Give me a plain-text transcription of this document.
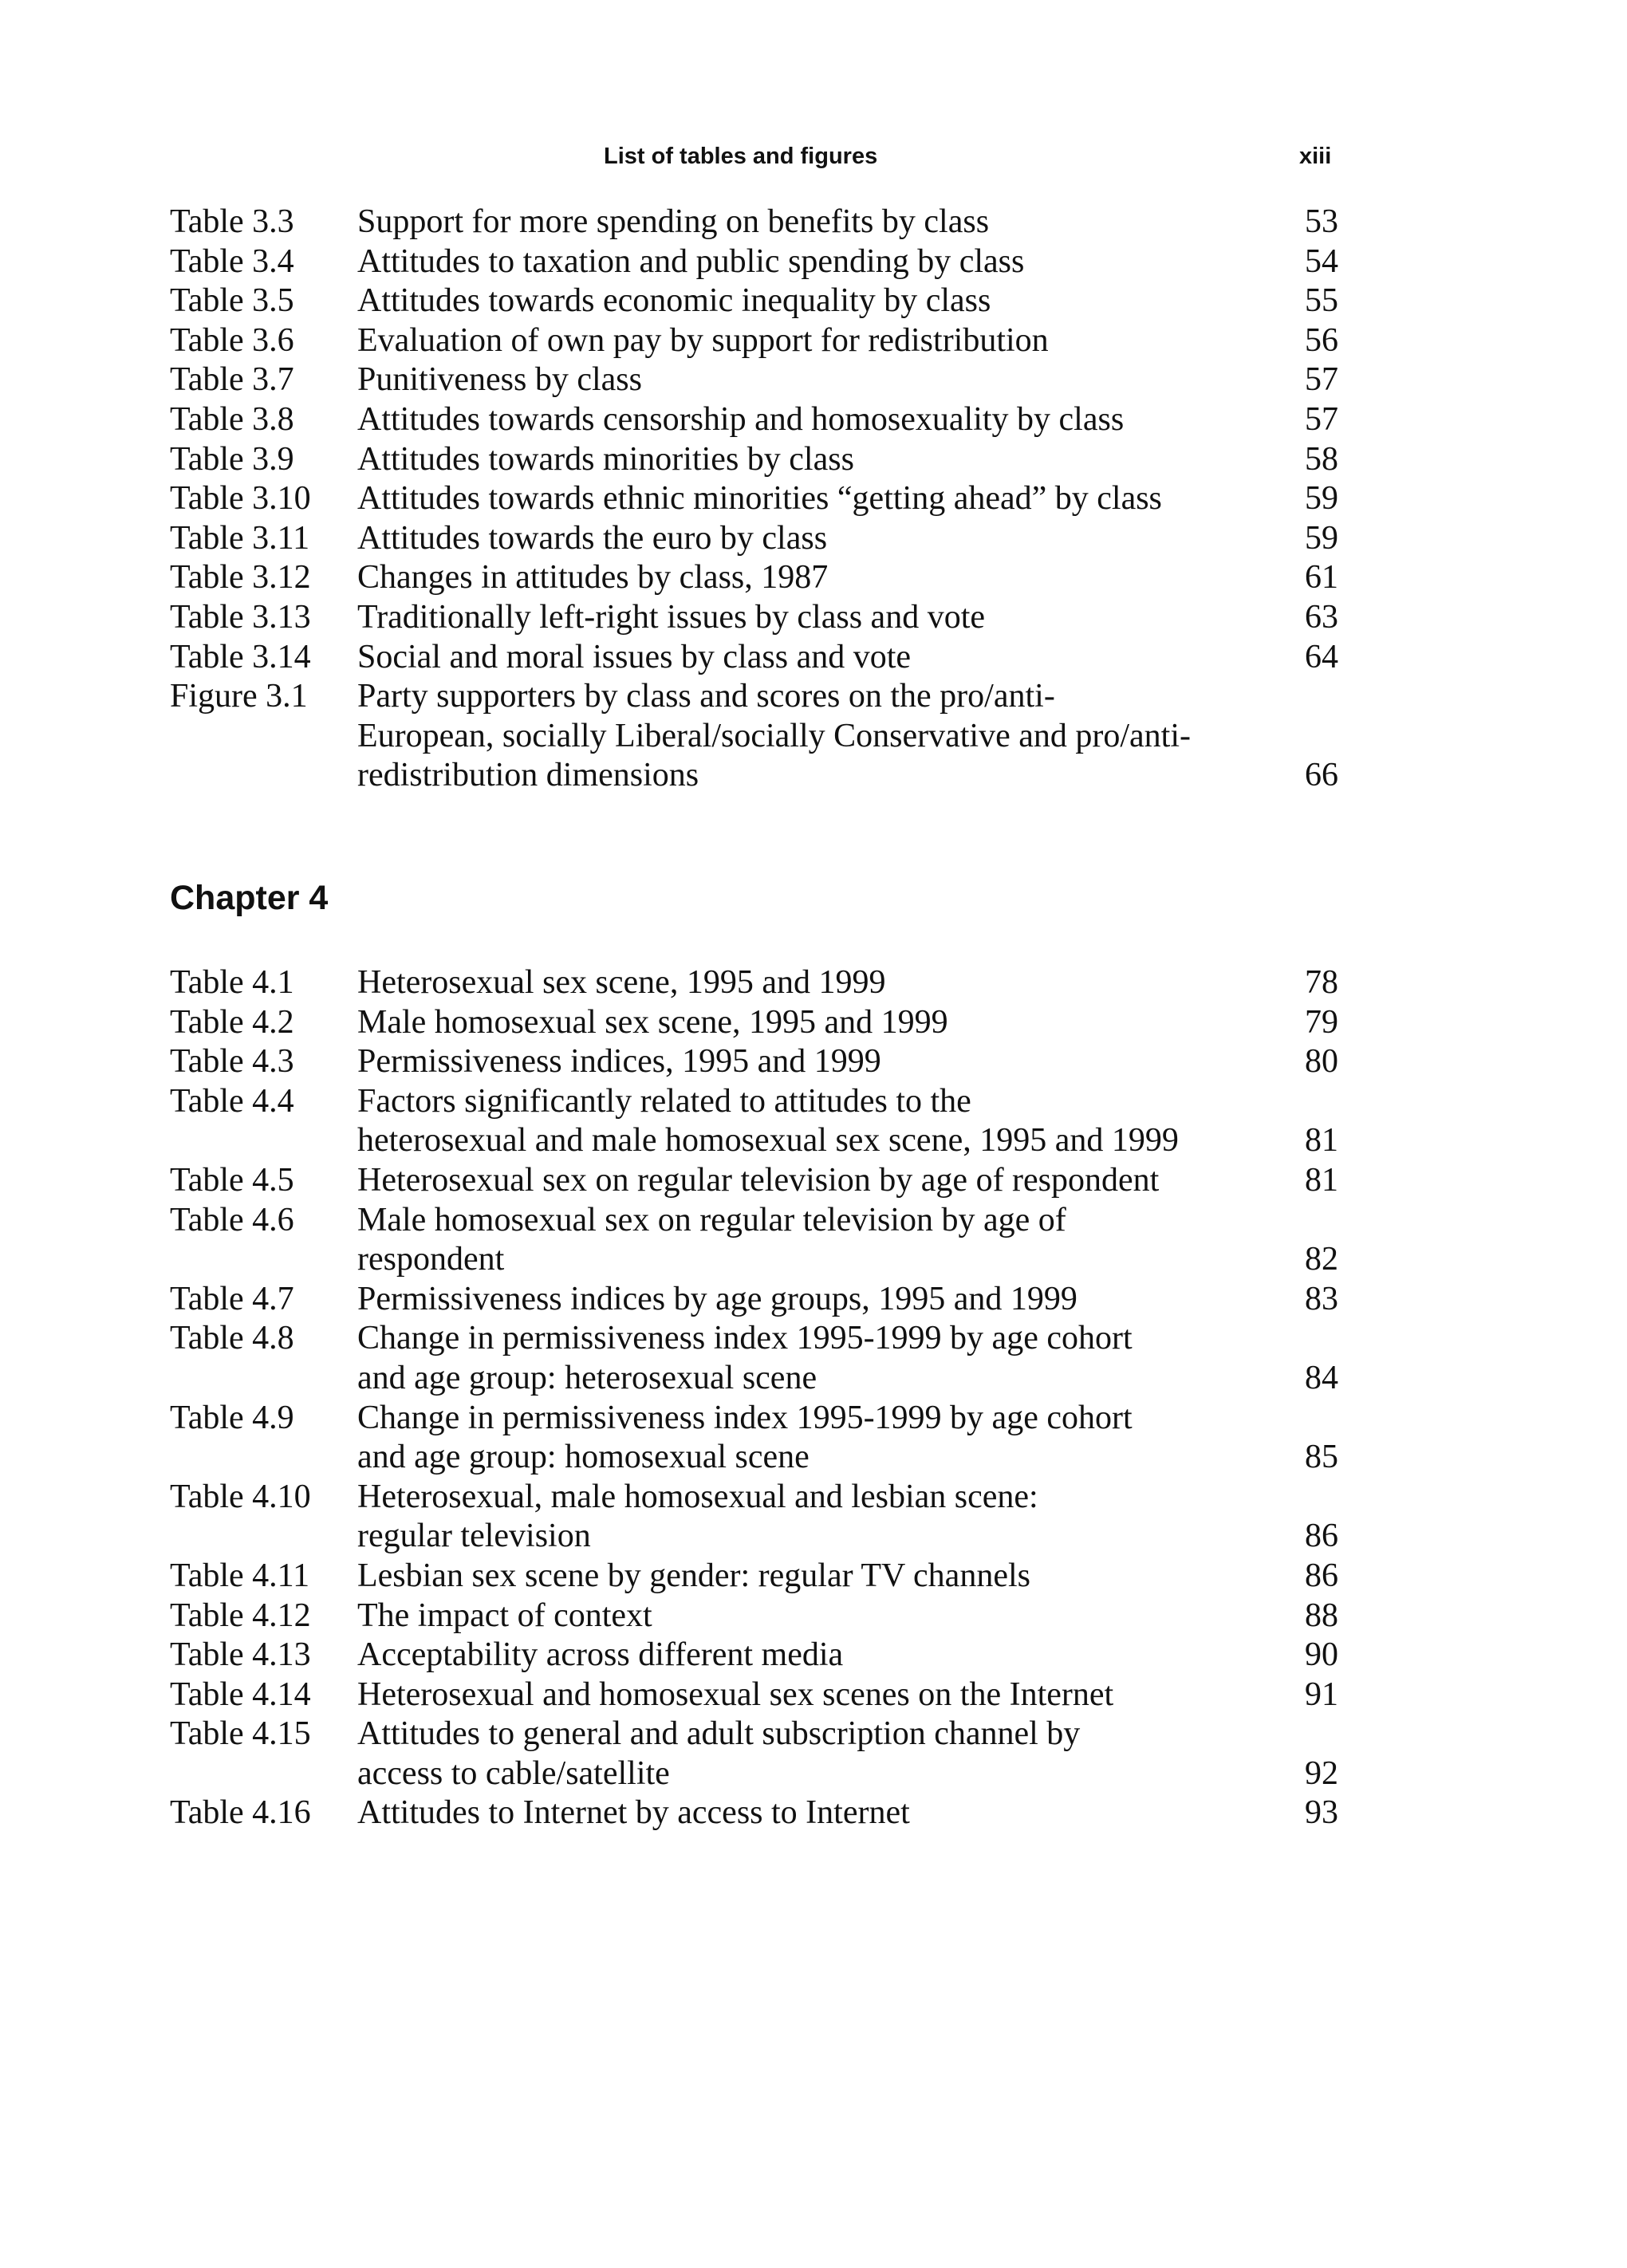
List of tables and figures	xiii
Table 3.3 Support for more spending on benefits by class	53
Table 3.4 Attitudes to taxation and public spending by class	54
Table 3.5 Attitudes towards economic inequality by class	55
Table 3.6 Evaluation of own pay by support for redistribution	56
Table 3.7 Punitiveness by class	57
Table 3.8 Attitudes towards censorship and homosexuality by class	57
Table 3.9 Attitudes towards minorities by class	58
Table 3.10 Attitudes towards ethnic minorities “getting ahead” by class	59
Table 3.11 Attitudes towards the euro by class	59
Table 3.12 Changes in attitudes by class, 1987	61
Table 3.13 Traditionally left-right issues by class and vote	63
Table 3.14 Social and moral issues by class and vote	64
Figure 3.1 Party supporters by class and scores on the pro/anti-
European, socially Liberal/socially Conservative and pro/anti-
redistribution dimensions	66
Chapter 4
Table 4.1 Heterosexual sex scene, 1995 and 1999	78
Table 4.2 Male homosexual sex scene, 1995 and 1999	79
Table 4.3 Permissiveness indices, 1995 and 1999	80
Table 4.4 Factors significantly related to attitudes to the
heterosexual and male homosexual sex scene, 1995 and 1999	81
Table 4.5 Heterosexual sex on regular television by age of respondent	81
Table 4.6 Male homosexual sex on regular television by age of
respondent	82
Table 4.7 Permissiveness indices by age groups, 1995 and 1999	83
Table 4.8 Change in permissiveness index 1995-1999 by age cohort
and age group: heterosexual scene	84
Table 4.9 Change in permissiveness index 1995-1999 by age cohort
and age group: homosexual scene	85
Table 4.10 Heterosexual, male homosexual and lesbian scene:
regular television	86
Table 4.11 Lesbian sex scene by gender: regular TV channels	86
Table 4.12 The impact of context	88
Table 4.13 Acceptability across different media	90
Table 4.14 Heterosexual and homosexual sex scenes on the Internet	91
Table 4.15 Attitudes to general and adult subscription channel by
access to cable/satellite	92
Table 4.16 Attitudes to Internet by access to Internet	93
